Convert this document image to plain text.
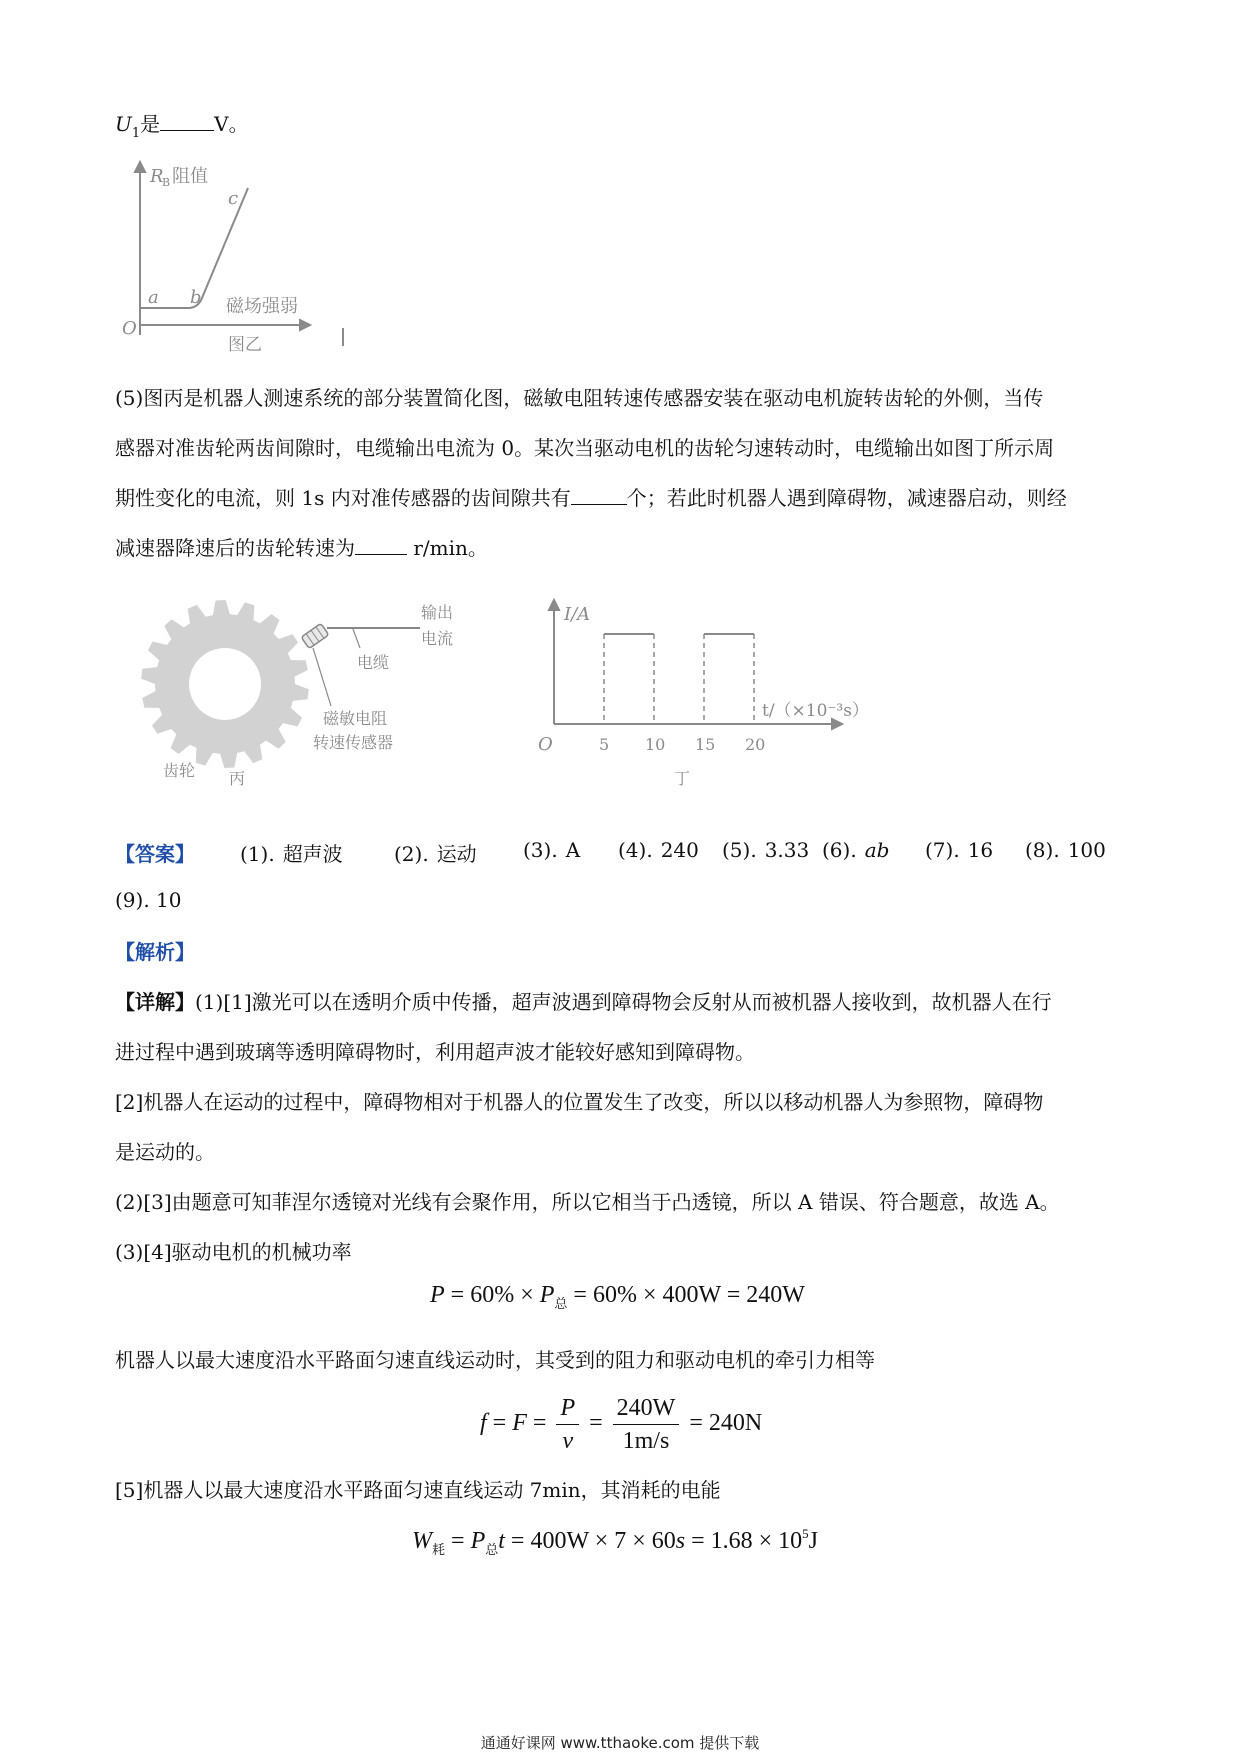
$U_1$是	V。
R
B 阻值
c
a b 磁场强弱
O
图乙
(5)图丙是机器人测速系统的部分装置简化图，磁敏电阻转速传感器安装在驱动电机旋转齿轮的外侧，当传
感器对准齿轮两齿间隙时，电缆输出电流为 0。某次当驱动电机的齿轮匀速转动时，电缆输出如图丁所示周
期性变化的电流，则 1s 内对准传感器的齿间隙共有	个；若此时机器人遇到障碍物，减速器启动，则经
减速器降速后的齿轮转速为	r/min。
输出
电流
电缆
磁敏电阻
转速传感器
齿轮 丙
5 10 15 20
I/A
t/（×10⁻³s）
O
丁
【答案】 (1). 超声波	(2). 运动 (3). A (4). 240 (5). 3.33 (6). ab (7). 16 (8). 100
(9). 10
【解析】
【详解】(1)[1]激光可以在透明介质中传播，超声波遇到障碍物会反射从而被机器人接收到，故机器人在行
进过程中遇到玻璃等透明障碍物时，利用超声波才能较好感知到障碍物。
[2]机器人在运动的过程中，障碍物相对于机器人的位置发生了改变，所以以移动机器人为参照物，障碍物
是运动的。
(2)[3]由题意可知菲涅尔透镜对光线有会聚作用，所以它相当于凸透镜，所以 A 错误、符合题意，故选 A。
(3)[4]驱动电机的机械功率
$P = 60\% \times P_总 = 60\% \times 400W = 240W$
机器人以最大速度沿水平路面匀速直线运动时，其受到的阻力和驱动电机的牵引力相等
$f = F = \frac{P}{v} = \frac{240W}{1m/s} = 240N$
[5]机器人以最大速度沿水平路面匀速直线运动 7min，其消耗的电能
$W_耗 = P_总t = 400W \times 7 \times 60s = 1.68 \times 10^5J$
通通好课网 www.tthaoke.com 提供下载
